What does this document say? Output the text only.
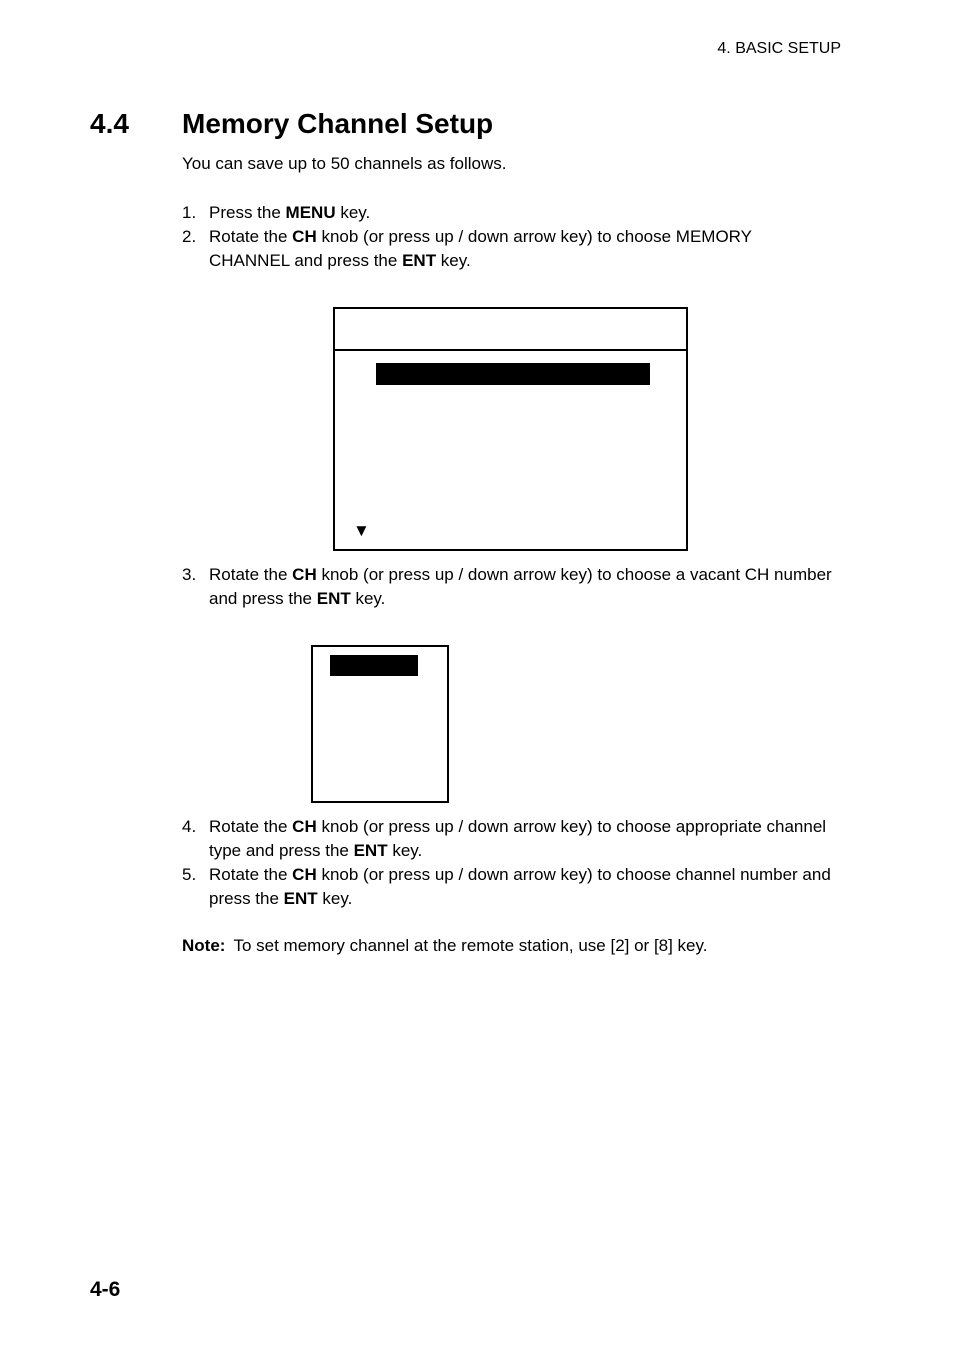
4. BASIC SETUP
4.4 Memory Channel Setup
You can save up to 50 channels as follows.
1. Press the MENU key.
2. Rotate the CH knob (or press up / down arrow key) to choose MEMORY CHANNEL and press the ENT key.
▼
3. Rotate the CH knob (or press up / down arrow key) to choose a vacant CH number and press the ENT key.
4. Rotate the CH knob (or press up / down arrow key) to choose appropriate channel type and press the ENT key.
5. Rotate the CH knob (or press up / down arrow key) to choose channel number and press the ENT key.
Note: To set memory channel at the remote station, use [2] or [8] key.
4-6
